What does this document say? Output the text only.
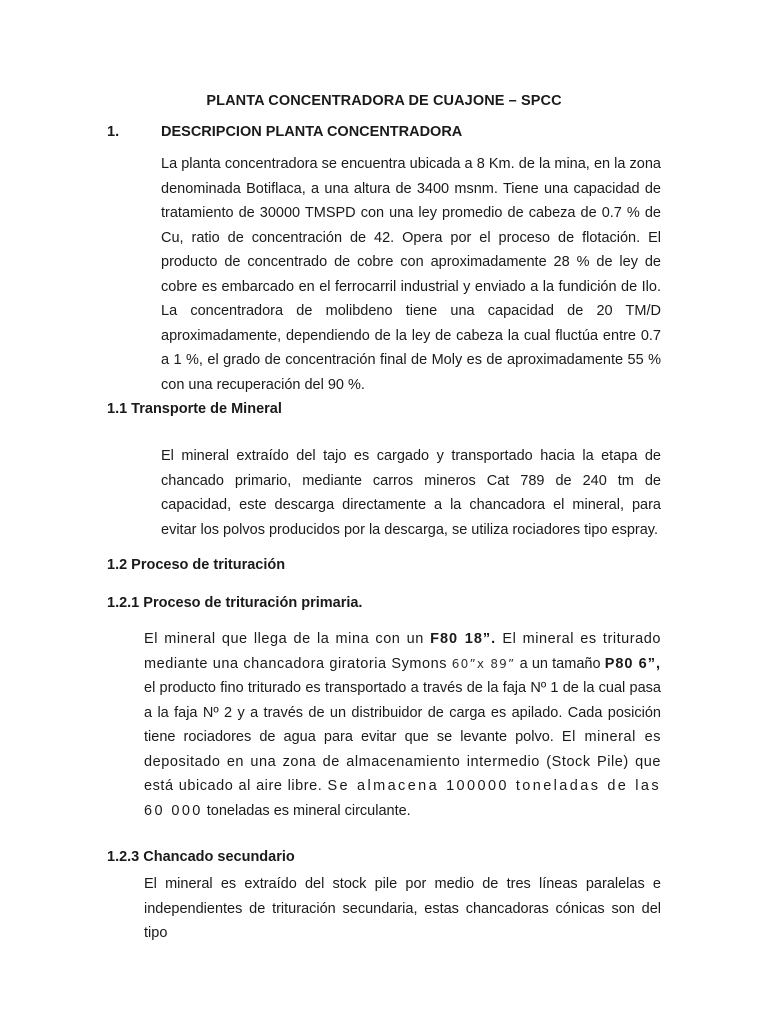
PLANTA CONCENTRADORA DE CUAJONE – SPCC
1.	DESCRIPCION PLANTA CONCENTRADORA

La planta concentradora se encuentra ubicada a 8 Km. de la mina, en la zona denominada Botiflaca, a una altura de 3400 msnm. Tiene una capacidad de tratamiento de 30000 TMSPD con una ley promedio de cabeza de 0.7 % de Cu, ratio de concentración de 42. Opera por el proceso de flotación. El producto de concentrado de cobre con aproximadamente 28 % de ley de cobre es embarcado en el ferrocarril industrial y enviado a la fundición de Ilo. La concentradora de molibdeno tiene una capacidad de 20 TM/D aproximadamente, dependiendo de la ley de cabeza la cual fluctúa entre 0.7 a 1 %, el grado de concentración final de Moly es de aproximadamente 55 % con una recuperación del 90 %.

1.1 Transporte de Mineral

El mineral extraído del tajo es cargado y transportado hacia la etapa de chancado primario, mediante carros mineros Cat 789 de 240 tm de capacidad, este descarga directamente a la chancadora el mineral, para evitar los polvos producidos por la descarga, se utiliza rociadores tipo espray.

1.2 Proceso de trituración
1.2.1 Proceso de trituración primaria.

El mineral que llega de la mina con un F80 18”. El mineral es triturado mediante una chancadora giratoria Symons 60”x 89” a un tamaño P80 6”, el producto fino triturado es transportado a través de la faja Nº 1 de la cual pasa a la faja Nº 2 y a través de un distribuidor de carga es apilado. Cada posición tiene rociadores de agua para evitar que se levante polvo. El mineral es depositado en una zona de almacenamiento intermedio (Stock Pile) que está ubicado al aire libre. Se almacena 100000 toneladas de las 60 000 toneladas es mineral circulante.

1.2.3 Chancado secundario

El mineral es extraído del stock pile por medio de tres líneas paralelas e independientes de trituración secundaria, estas chancadoras cónicas son del tipo
